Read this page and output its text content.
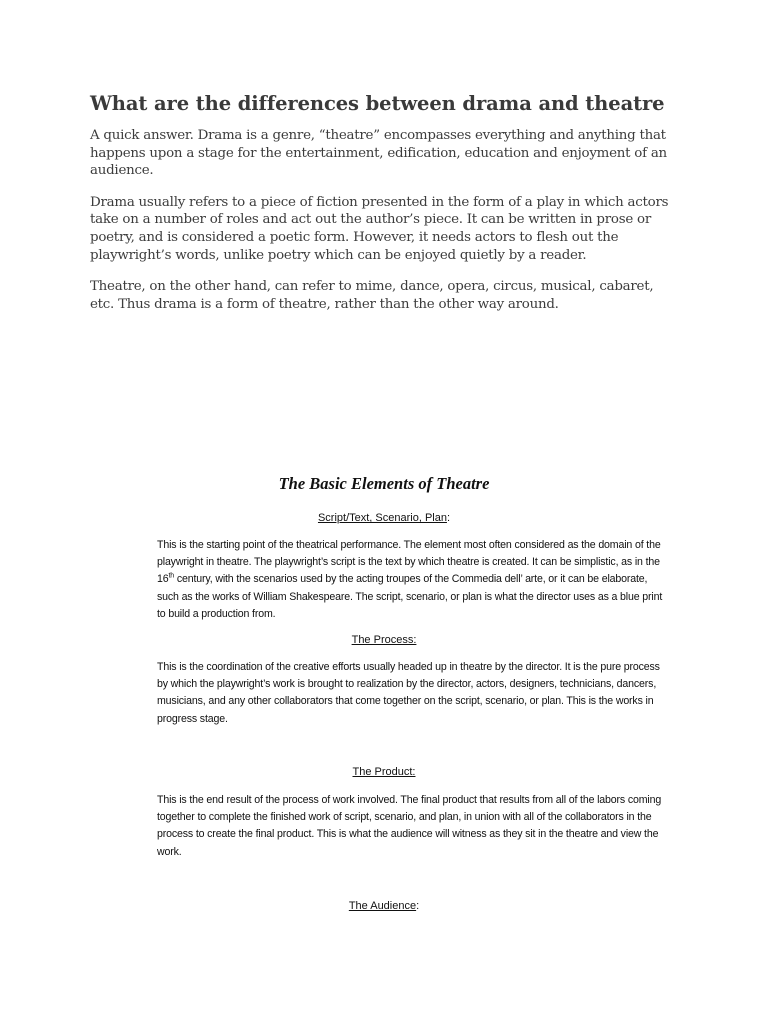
What are the differences between drama and theatre

A quick answer. Drama is a genre, “theatre” encompasses everything and anything that happens upon a stage for the entertainment, edification, education and enjoyment of an audience.

Drama usually refers to a piece of fiction presented in the form of a play in which actors take on a number of roles and act out the author’s piece. It can be written in prose or poetry, and is considered a poetic form. However, it needs actors to flesh out the playwright’s words, unlike poetry which can be enjoyed quietly by a reader.

Theatre, on the other hand, can refer to mime, dance, opera, circus, musical, cabaret, etc. Thus drama is a form of theatre, rather than the other way around.

The Basic Elements of Theatre
Script/Text, Scenario, Plan:
This is the starting point of the theatrical performance. The element most often considered as the domain of the playwright in theatre. The playwright’s script is the text by which theatre is created. It can be simplistic, as in the 16th century, with the scenarios used by the acting troupes of the Commedia dell’ arte, or it can be elaborate, such as the works of William Shakespeare. The script, scenario, or plan is what the director uses as a blue print to build a production from.
The Process:
This is the coordination of the creative efforts usually headed up in theatre by the director. It is the pure process by which the playwright’s work is brought to realization by the director, actors, designers, technicians, dancers, musicians, and any other collaborators that come together on the script, scenario, or plan. This is the works in progress stage.
The Product:
This is the end result of the process of work involved. The final product that results from all of the labors coming together to complete the finished work of script, scenario, and plan, in union with all of the collaborators in the process to create the final product. This is what the audience will witness as they sit in the theatre and view the work.
The Audience:
